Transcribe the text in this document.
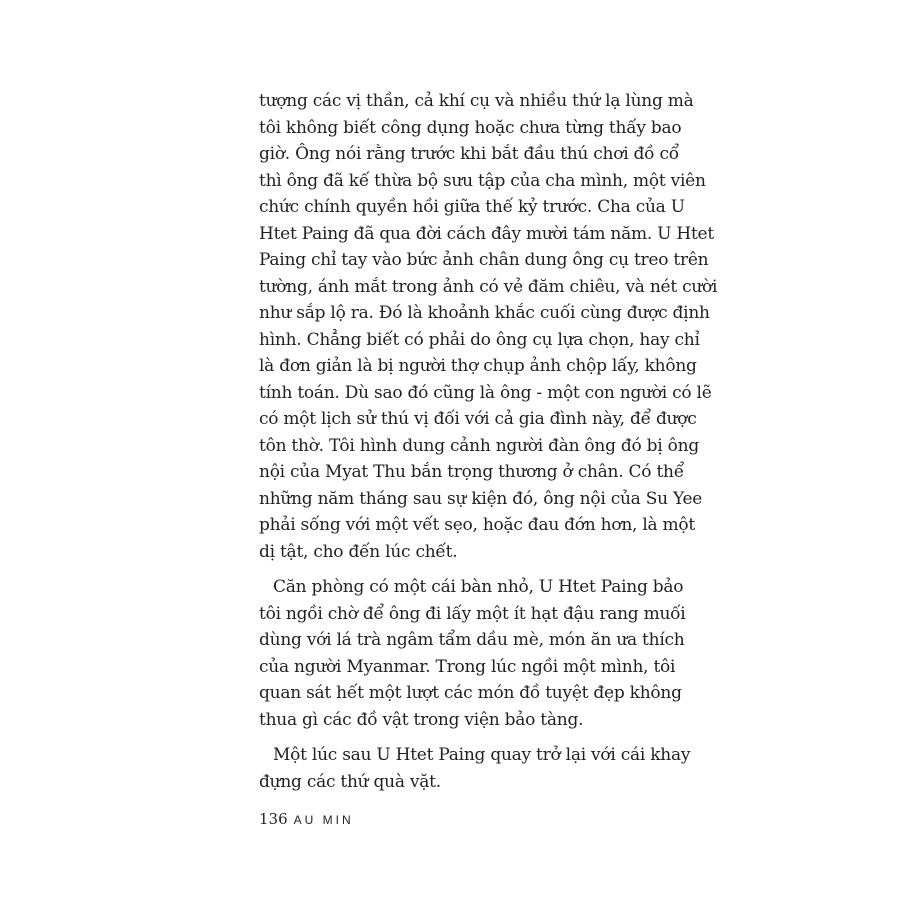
tượng các vị thần, cả khí cụ và nhiều thứ lạ lùng mà
tôi không biết công dụng hoặc chưa từng thấy bao
giờ. Ông nói rằng trước khi bắt đầu thú chơi đồ cổ
thì ông đã kế thừa bộ sưu tập của cha mình, một viên
chức chính quyền hồi giữa thế kỷ trước. Cha của U
Htet Paing đã qua đời cách đây mười tám năm. U Htet
Paing chỉ tay vào bức ảnh chân dung ông cụ treo trên
tường, ánh mắt trong ảnh có vẻ đăm chiêu, và nét cười
như sắp lộ ra. Đó là khoảnh khắc cuối cùng được định
hình. Chẳng biết có phải do ông cụ lựa chọn, hay chỉ
là đơn giản là bị người thợ chụp ảnh chộp lấy, không
tính toán. Dù sao đó cũng là ông - một con người có lẽ
có một lịch sử thú vị đối với cả gia đình này, để được
tôn thờ. Tôi hình dung cảnh người đàn ông đó bị ông
nội của Myat Thu bắn trọng thương ở chân. Có thể
những năm tháng sau sự kiện đó, ông nội của Su Yee
phải sống với một vết sẹo, hoặc đau đớn hơn, là một
dị tật, cho đến lúc chết.
Căn phòng có một cái bàn nhỏ, U Htet Paing bảo
tôi ngồi chờ để ông đi lấy một ít hạt đậu rang muối
dùng với lá trà ngâm tẩm dầu mè, món ăn ưa thích
của người Myanmar. Trong lúc ngồi một mình, tôi
quan sát hết một lượt các món đồ tuyệt đẹp không
thua gì các đồ vật trong viện bảo tàng.
Một lúc sau U Htet Paing quay trở lại với cái khay
đựng các thứ quà vặt.
136 AU MIN
